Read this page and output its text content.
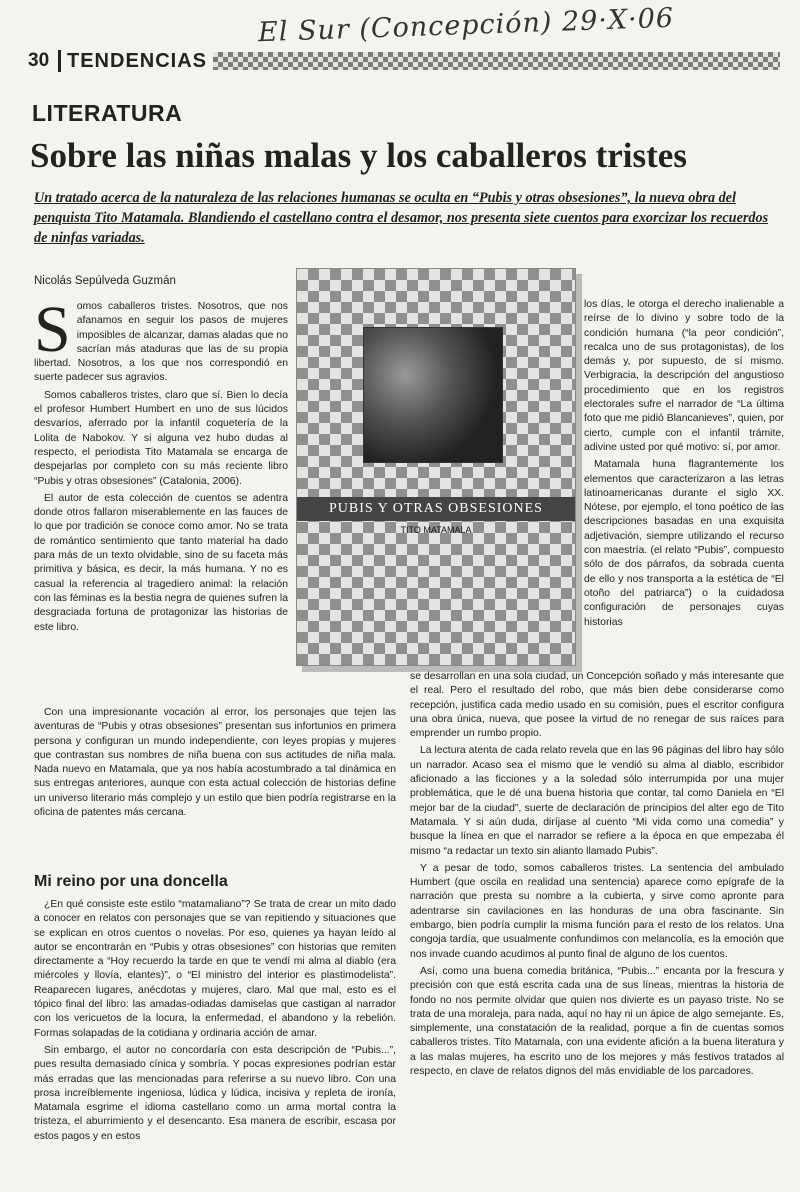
El Sur (Concepción) 29·X·06
30 TENDENCIAS
LITERATURA
Sobre las niñas malas y los caballeros tristes
Un tratado acerca de la naturaleza de las relaciones humanas se oculta en “Pubis y otras obsesiones”, la nueva obra del penquista Tito Matamala. Blandiendo el castellano contra el desamor, nos presenta siete cuentos para exorcizar los recuerdos de ninfas variadas.
Nicolás Sepúlveda Guzmán

Somos caballeros tristes. Nosotros, que nos afanamos en seguir los pasos de mujeres imposibles de alcanzar, damas aladas que no sacrían más ataduras que las de su propia libertad. Nosotros, a los que nos correspondió en suerte padecer sus agravios.

Somos caballeros tristes, claro que sí. Bien lo decía el profesor Humbert Humbert en uno de sus lúcidos desvaríos, aferrado por la infantil coquetería de la Lolita de Nabokov. Y si alguna vez hubo dudas al respecto, el periodista Tito Matamala se encarga de despejarlas por completo con su más reciente libro “Pubis y otras obsesiones” (Catalonia, 2006).

El autor de esta colección de cuentos se adentra donde otros fallaron miserablemente en las fauces de lo que por tradición se conoce como amor. No se trata de romántico sentimiento que tanto material ha dado para más de un texto olvidable, sino de su faceta más primitiva y básica, es decir, la más humana. Y no es casual la referencia al tragediero animal: la relación con las féminas es la bestia negra de quienes sufren la desgraciada fortuna de protagonizar las historias de este libro.

PUBIS Y OTRAS OBSESIONES
TITO MATAMALA

los días, le otorga el derecho inalienable a reírse de lo divino y sobre todo de la condición humana (“la peor condición”, recalca uno de sus protagonistas), de los demás y, por supuesto, de sí mismo. Verbigracia, la descripción del angustioso procedimiento que en los registros electorales sufre el narrador de “La última foto que me pidió Blancanieves”, quien, por cierto, cumple con el infantil trámite, adivine usted por qué motivo: sí, por amor.

Matamala huna flagrantemente los elementos que caracterizaron a las letras latinoamericanas durante el siglo XX. Nótese, por ejemplo, el tono poético de las descripciones basadas en una exquisita adjetivación, siempre utilizando el recurso con maestría. (el relato “Pubis”, compuesto sólo de dos párrafos, da sobrada cuenta de ello y nos transporta a la estética de “El otoño del patriarca”) o la cuidadosa configuración de personajes cuyas historias

Con una impresionante vocación al error, los personajes que tejen las aventuras de “Pubis y otras obsesiones” presentan sus infortunios en primera persona y configuran un mundo independiente, con leyes propias y mujeres que contrastan sus nombres de niña buena con sus actitudes de niña mala. Nada nuevo en Matamala, que ya nos había acostumbrado a tal dinámica en sus entregas anteriores, aunque con esta actual colección de historias define un universo literario más complejo y un estilo que bien podría registrarse en la oficina de patentes más cercana.

Mi reino por una doncella

¿En qué consiste este estilo “matamaliano”? Se trata de crear un mito dado a conocer en relatos con personajes que se van repitiendo y situaciones que se explican en otros cuentos o novelas. Por eso, quienes ya hayan leído al autor se encontrarán en “Pubis y otras obsesiones” con historias que remiten directamente a “Hoy recuerdo la tarde en que te vendí mi alma al diablo (era miércoles y llovía, elantes)”, o “El ministro del interior es plastimodelista”. Reaparecen lugares, anécdotas y mujeres, claro. Mal que mal, esto es el tópico final del libro: las amadas-odiadas damiselas que castigan al narrador con los vericuetos de la locura, la enfermedad, el abandono y la rebelión. Formas solapadas de la cotidiana y ordinaria acción de amar.

Sin embargo, el autor no concordaría con esta descripción de “Pubis...”, pues resulta demasiado cínica y sombría. Y pocas expresiones podrían estar más erradas que las mencionadas para referirse a su nuevo libro. Con una prosa increíblemente ingeniosa, lúdica y lúdica, incisiva y repleta de ironía, Matamala esgrime el idioma castellano como un arma mortal contra la tristeza, el aburrimiento y el desencanto. Esa manera de escribir, escasa por estos pagos y en estos

se desarrollan en una sola ciudad, un Concepción soñado y más interesante que el real. Pero el resultado del robo, que más bien debe considerarse como recepción, justifica cada medio usado en su comisión, pues el escritor configura una obra única, nueva, que posee la virtud de no renegar de sus raíces para emprender un rumbo propio.

La lectura atenta de cada relato revela que en las 96 páginas del libro hay sólo un narrador. Acaso sea el mismo que le vendió su alma al diablo, escribidor aficionado a las ficciones y a la soledad sólo interrumpida por una mujer problemática, que le dé una buena historia que contar, tal como Daniela en “El mejor bar de la ciudad”, suerte de declaración de principios del alter ego de Tito Matamala. Y si aún duda, diríjase al cuento “Mi vida como una comedia” y busque la línea en que el narrador se refiere a la época en que empezaba él mismo “a redactar un texto sin alianto llamado Pubis”.

Y a pesar de todo, somos caballeros tristes. La sentencia del ambulado Humbert (que oscila en realidad una sentencia) aparece como epígrafe de la narración que presta su nombre a la cubierta, y sirve como apronte para adentrarse sin cavilaciones en las honduras de una obra fascinante. Sin embargo, bien podría cumplir la misma función para el resto de los relatos. Una congoja tardía, que usualmente confundimos con melancolía, es la emoción que nos invade cuando acudimos al punto final de alguno de los cuentos.

Así, como una buena comedia británica, “Pubis...” encanta por la frescura y precisión con que está escrita cada una de sus líneas, mientras la historia de fondo no nos permite olvidar que quien nos divierte es un payaso triste. No se trata de una moraleja, para nada, aquí no hay ni un ápice de algo semejante. Es, simplemente, una constatación de la realidad, porque a fin de cuentas somos caballeros tristes. Tito Matamala, con una evidente afición a la buena literatura y a las malas mujeres, ha escrito uno de los mejores y más festivos tratados al respecto, en clave de relatos dignos del más envidiable de los parcadores.
